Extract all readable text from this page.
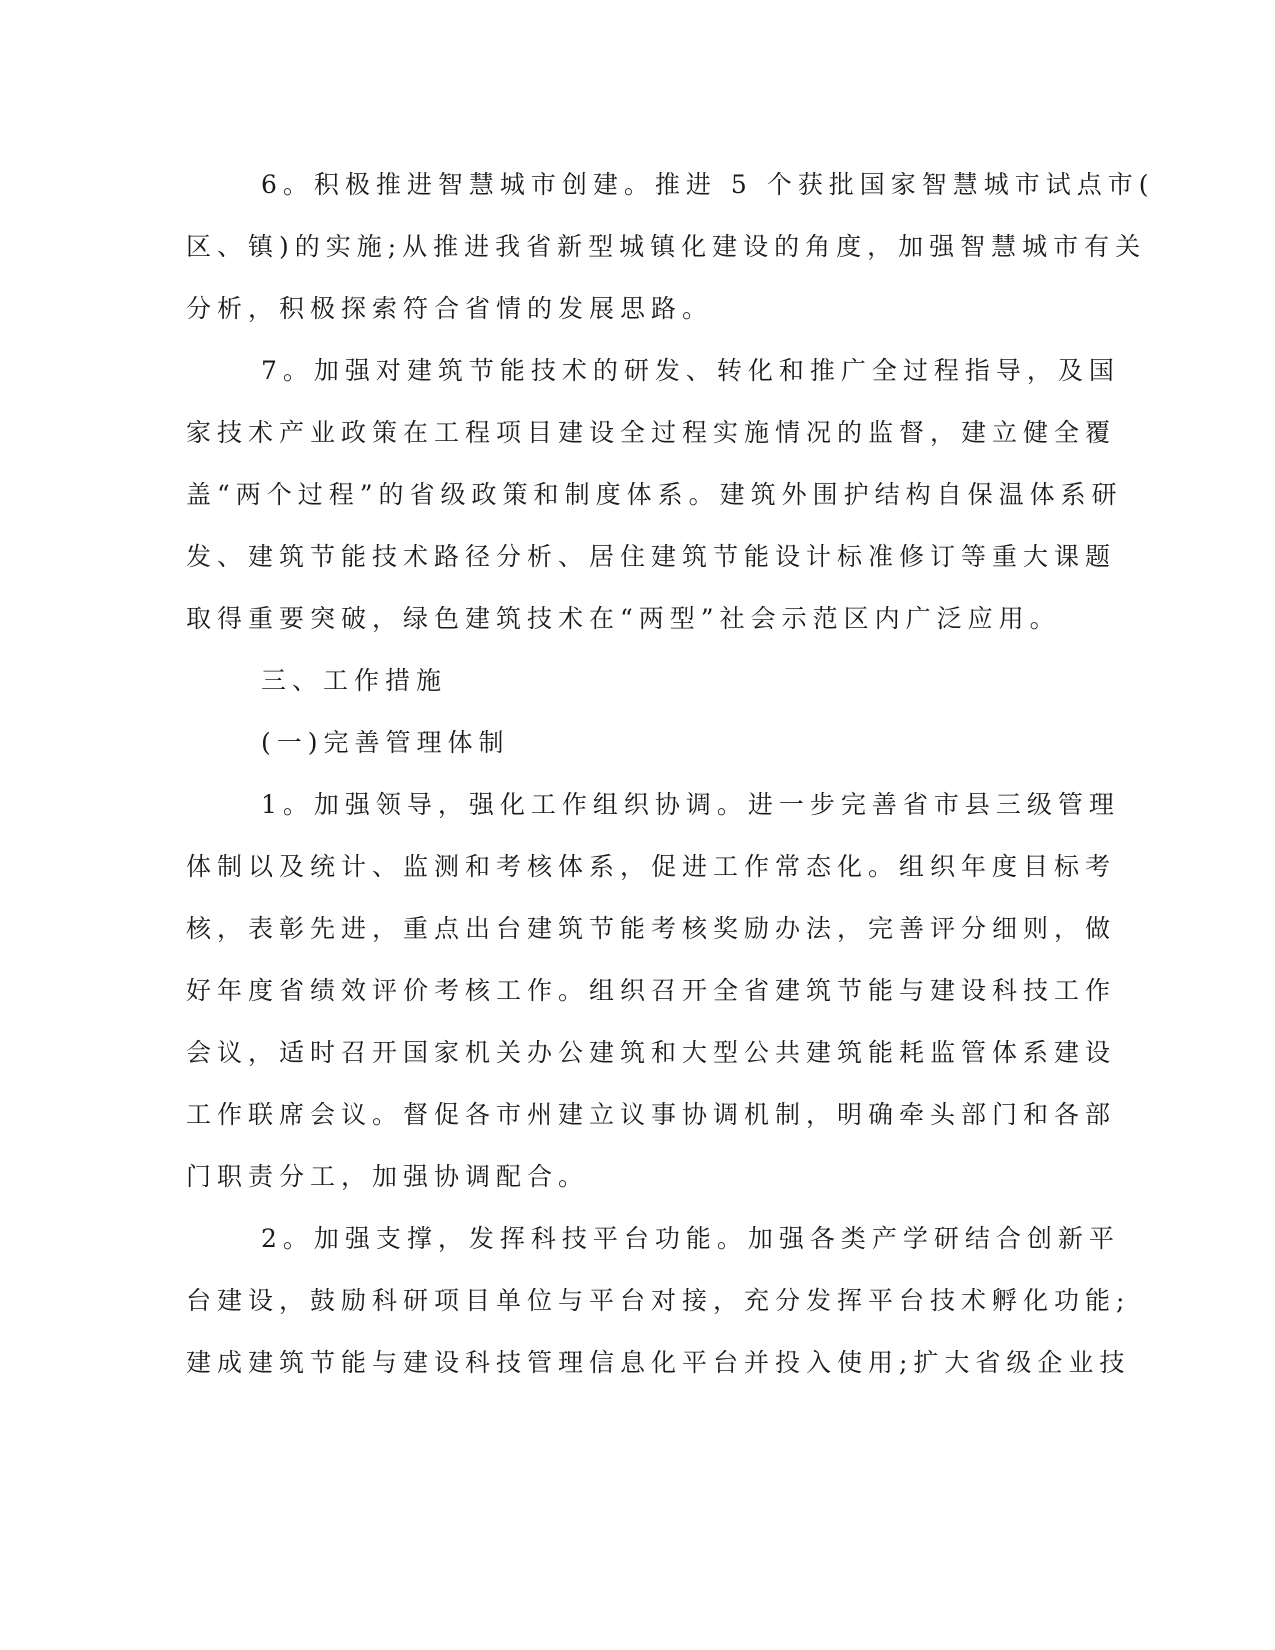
6。积极推进智慧城市创建。推进 5 个获批国家智慧城市试点市(
区、镇)的实施;从推进我省新型城镇化建设的角度，加强智慧城市有关
分析，积极探索符合省情的发展思路。
7。加强对建筑节能技术的研发、转化和推广全过程指导，及国
家技术产业政策在工程项目建设全过程实施情况的监督，建立健全覆
盖“两个过程”的省级政策和制度体系。建筑外围护结构自保温体系研
发、建筑节能技术路径分析、居住建筑节能设计标准修订等重大课题
取得重要突破，绿色建筑技术在“两型”社会示范区内广泛应用。
三、工作措施
(一)完善管理体制
1。加强领导，强化工作组织协调。进一步完善省市县三级管理
体制以及统计、监测和考核体系，促进工作常态化。组织年度目标考
核，表彰先进，重点出台建筑节能考核奖励办法，完善评分细则，做
好年度省绩效评价考核工作。组织召开全省建筑节能与建设科技工作
会议，适时召开国家机关办公建筑和大型公共建筑能耗监管体系建设
工作联席会议。督促各市州建立议事协调机制，明确牵头部门和各部
门职责分工，加强协调配合。
2。加强支撑，发挥科技平台功能。加强各类产学研结合创新平
台建设，鼓励科研项目单位与平台对接，充分发挥平台技术孵化功能;
建成建筑节能与建设科技管理信息化平台并投入使用;扩大省级企业技
